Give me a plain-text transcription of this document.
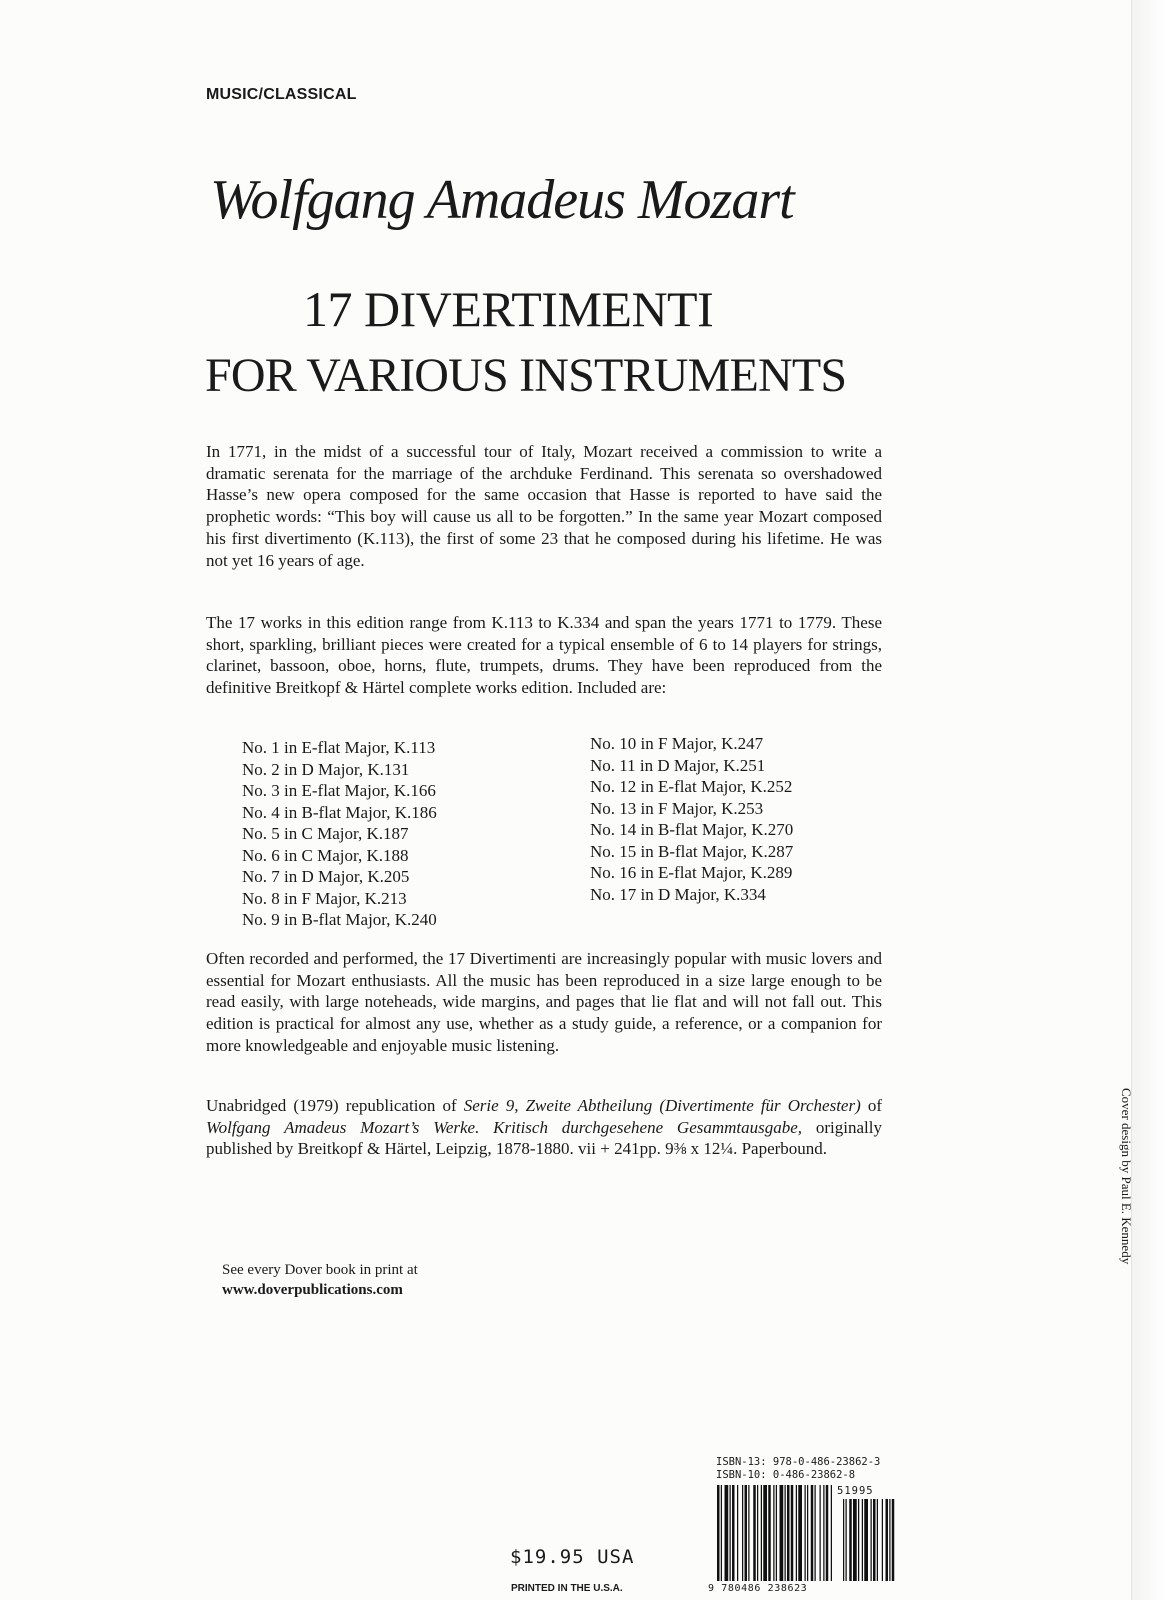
MUSIC/CLASSICAL
Wolfgang Amadeus Mozart
17 DIVERTIMENTI
FOR VARIOUS INSTRUMENTS
In 1771, in the midst of a successful tour of Italy, Mozart received a commission to write a dramatic serenata for the marriage of the archduke Ferdinand. This serenata so overshadowed Hasse’s new opera composed for the same occasion that Hasse is reported to have said the prophetic words: “This boy will cause us all to be forgotten.” In the same year Mozart composed his first divertimento (K.113), the first of some 23 that he composed during his lifetime. He was not yet 16 years of age.
The 17 works in this edition range from K.113 to K.334 and span the years 1771 to 1779. These short, sparkling, brilliant pieces were created for a typical ensemble of 6 to 14 players for strings, clarinet, bassoon, oboe, horns, flute, trumpets, drums. They have been reproduced from the definitive Breitkopf & Härtel complete works edition. Included are:
No. 1 in E-flat Major, K.113
No. 2 in D Major, K.131
No. 3 in E-flat Major, K.166
No. 4 in B-flat Major, K.186
No. 5 in C Major, K.187
No. 6 in C Major, K.188
No. 7 in D Major, K.205
No. 8 in F Major, K.213
No. 9 in B-flat Major, K.240
No. 10 in F Major, K.247
No. 11 in D Major, K.251
No. 12 in E-flat Major, K.252
No. 13 in F Major, K.253
No. 14 in B-flat Major, K.270
No. 15 in B-flat Major, K.287
No. 16 in E-flat Major, K.289
No. 17 in D Major, K.334
Often recorded and performed, the 17 Divertimenti are increasingly popular with music lovers and essential for Mozart enthusiasts. All the music has been reproduced in a size large enough to be read easily, with large noteheads, wide margins, and pages that lie flat and will not fall out. This edition is practical for almost any use, whether as a study guide, a reference, or a companion for more knowledgeable and enjoyable music listening.
Unabridged (1979) republication of Serie 9, Zweite Abtheilung (Divertimente für Orchester) of Wolfgang Amadeus Mozart’s Werke. Kritisch durchgesehene Gesammtausgabe, originally published by Breitkopf & Härtel, Leipzig, 1878-1880. vii + 241pp. 9⅜ x 12¼. Paperbound.
See every Dover book in print at
www.doverpublications.com
Cover design by Paul E. Kennedy
ISBN-13: 978-0-486-23862-3
ISBN-10: 0-486-23862-8
51995
9 780486 238623
$19.95 USA
PRINTED IN THE U.S.A.
